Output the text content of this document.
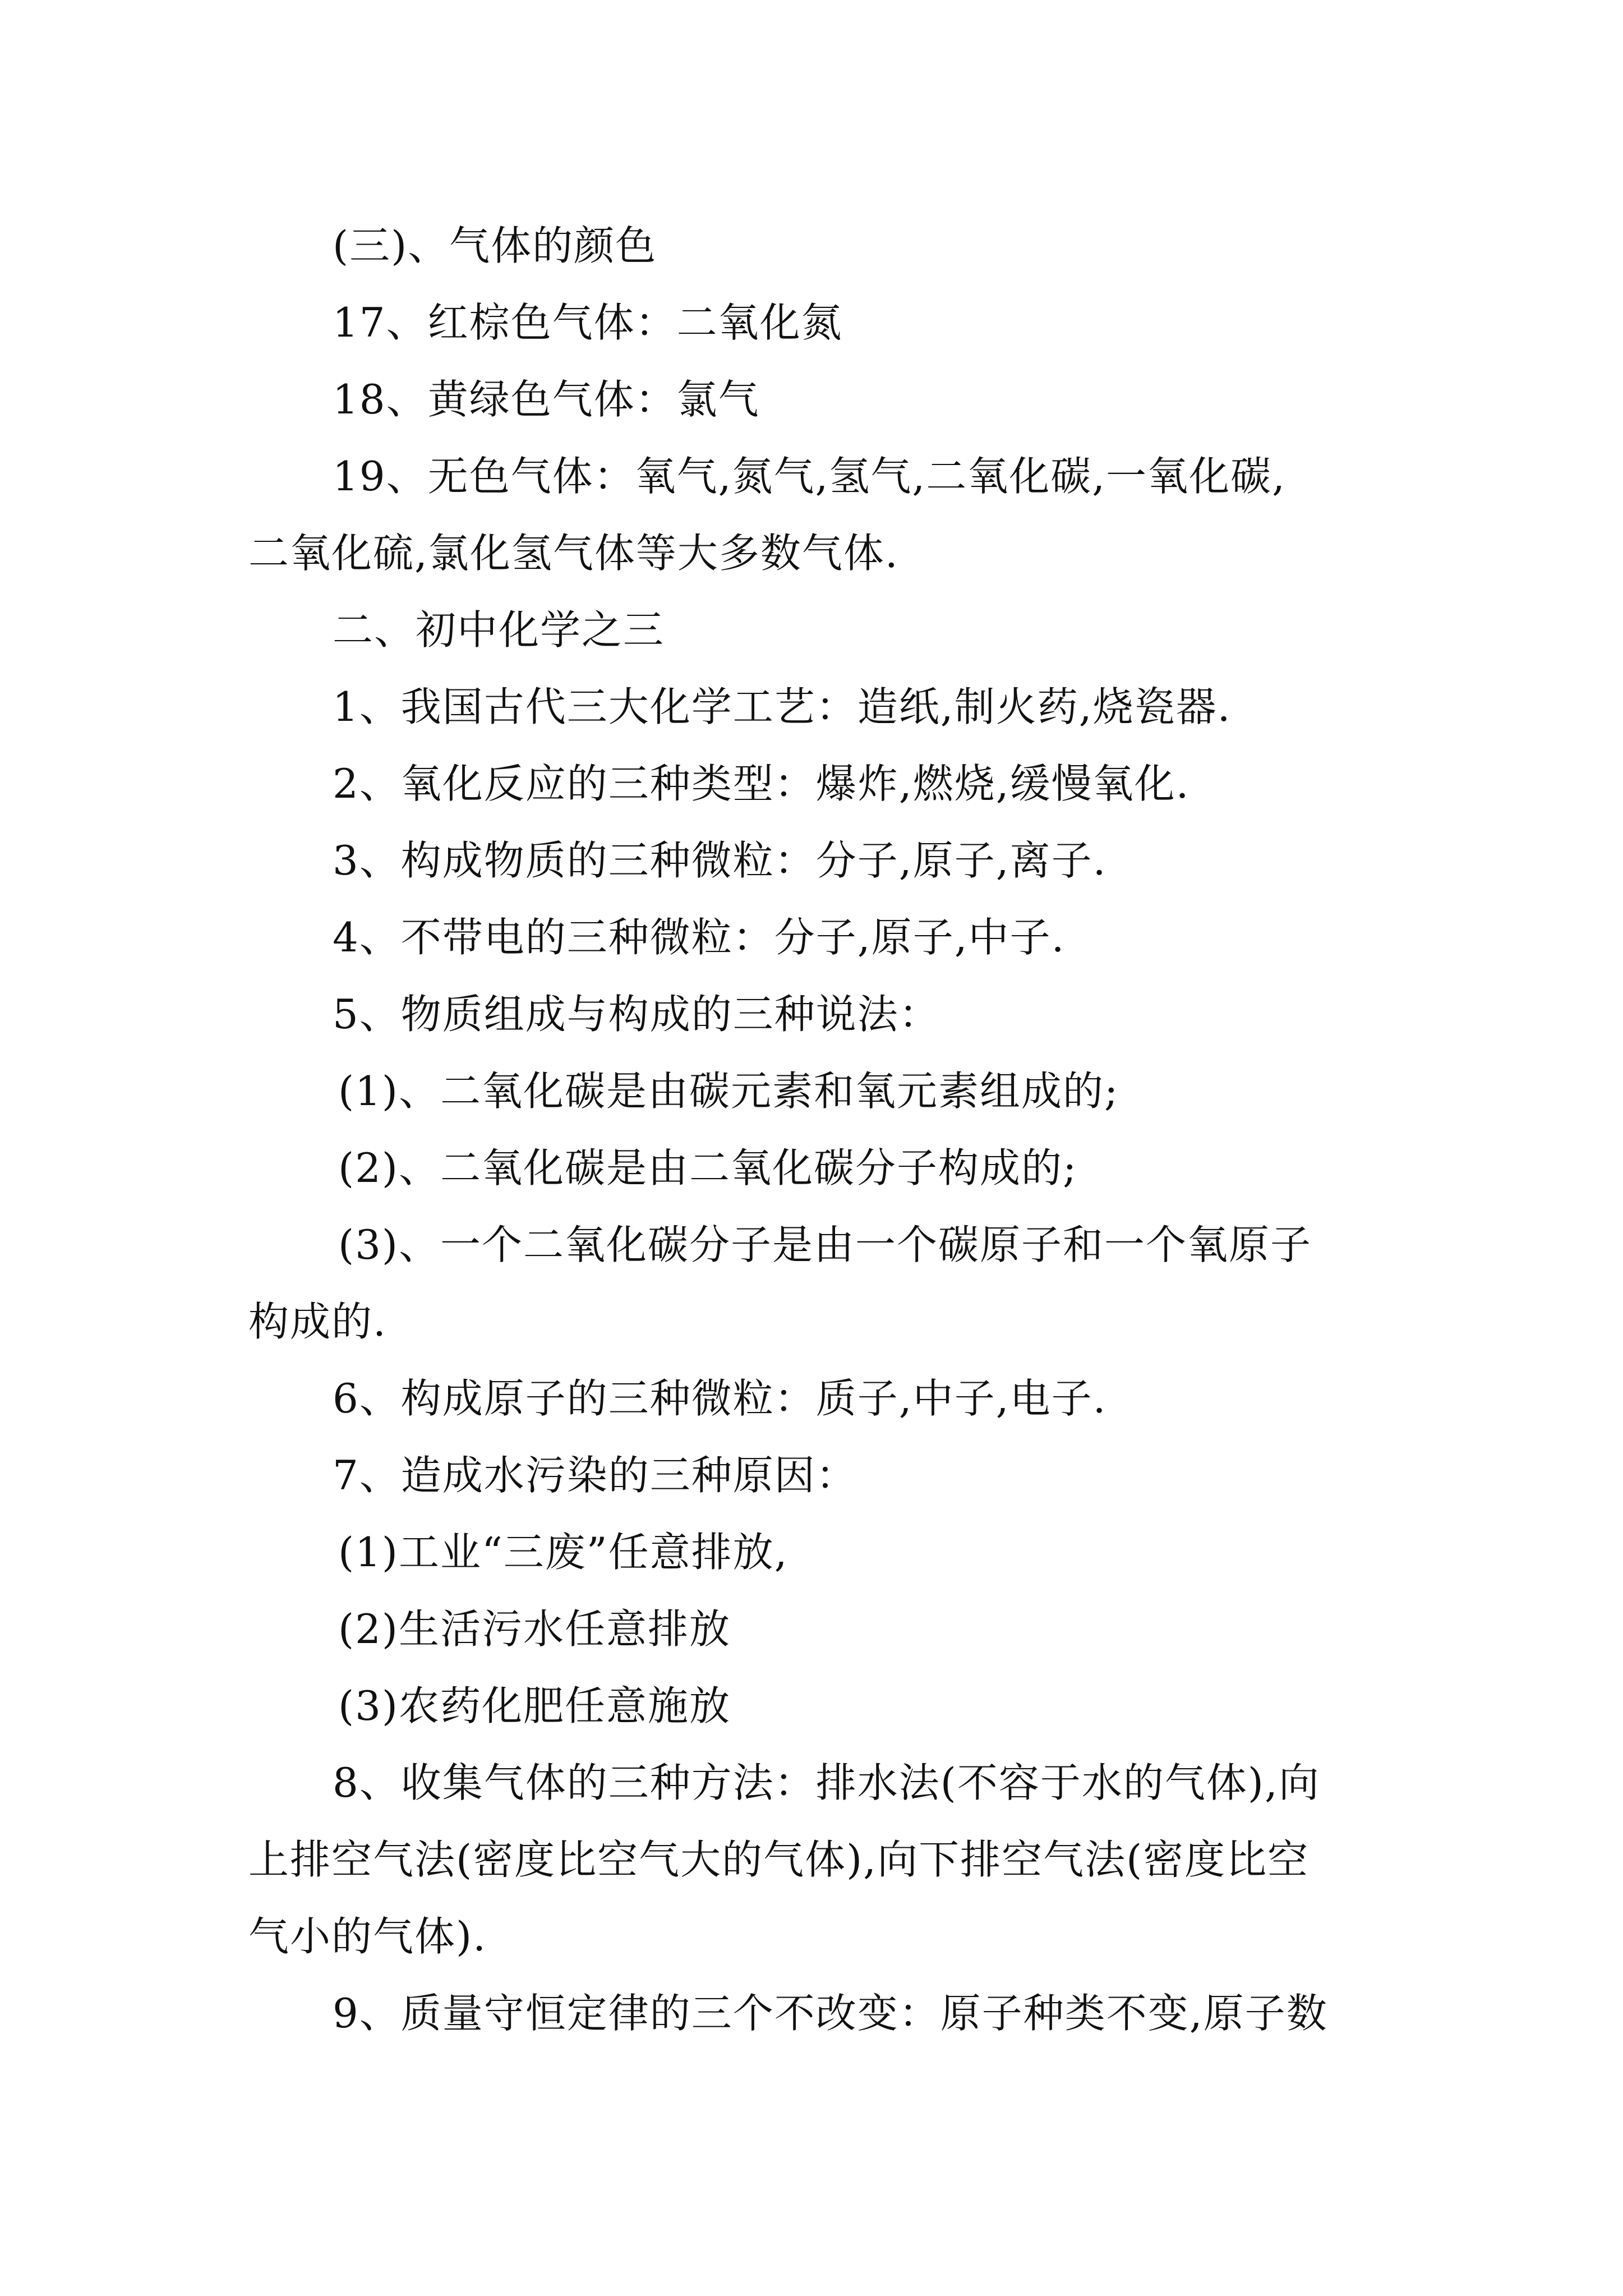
(三)、气体的颜色
17、红棕色气体：二氧化氮
18、黄绿色气体：氯气
19、无色气体：氧气,氮气,氢气,二氧化碳,一氧化碳,
二氧化硫,氯化氢气体等大多数气体.
二、初中化学之三
1、我国古代三大化学工艺：造纸,制火药,烧瓷器.
2、氧化反应的三种类型：爆炸,燃烧,缓慢氧化.
3、构成物质的三种微粒：分子,原子,离子.
4、不带电的三种微粒：分子,原子,中子.
5、物质组成与构成的三种说法：
(1)、二氧化碳是由碳元素和氧元素组成的;
(2)、二氧化碳是由二氧化碳分子构成的;
(3)、一个二氧化碳分子是由一个碳原子和一个氧原子
构成的.
6、构成原子的三种微粒：质子,中子,电子.
7、造成水污染的三种原因：
(1)工业“三废”任意排放,
(2)生活污水任意排放
(3)农药化肥任意施放
8、收集气体的三种方法：排水法(不容于水的气体),向
上排空气法(密度比空气大的气体),向下排空气法(密度比空
气小的气体).
9、质量守恒定律的三个不改变：原子种类不变,原子数
